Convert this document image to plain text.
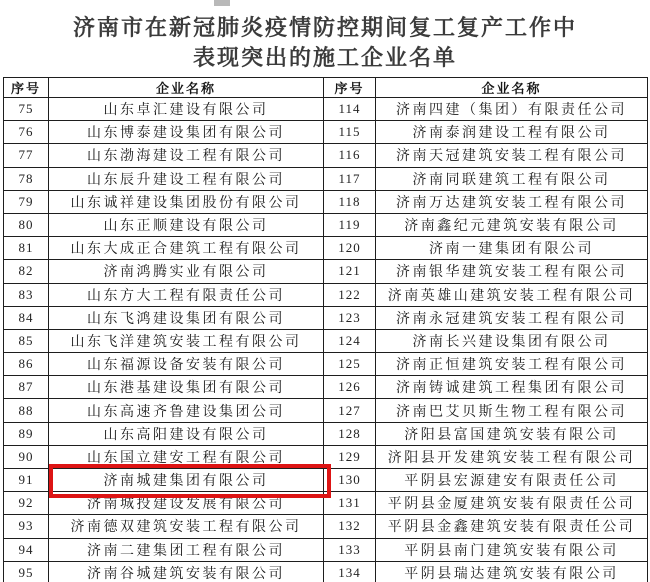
济南市在新冠肺炎疫情防控期间复工复产工作中
表现突出的施工企业名单
序号	企业名称	序号	企业名称
75	山东卓汇建设有限公司	114	济南四建（集团）有限责任公司
76	山东博泰建设集团有限公司	115	济南泰润建设工程有限公司
77	山东渤海建设工程有限公司	116	济南天冠建筑安装工程有限公司
78	山东辰升建设工程有限公司	117	济南同联建筑工程有限公司
79	山东诚祥建设集团股份有限公司	118	济南万达建筑安装工程有限公司
80	山东正顺建设有限公司	119	济南鑫纪元建筑安装有限公司
81	山东大成正合建筑工程有限公司	120	济南一建集团有限公司
82	济南鸿腾实业有限公司	121	济南银华建筑安装工程有限公司
83	山东方大工程有限责任公司	122	济南英雄山建筑安装工程有限公司
84	山东飞鸿建设集团有限公司	123	济南永冠建筑安装工程有限公司
85	山东飞洋建筑安装工程有限公司	124	济南长兴建设集团有限公司
86	山东福源设备安装有限公司	125	济南正恒建筑安装工程有限公司
87	山东港基建设集团有限公司	126	济南铸诚建筑工程集团有限公司
88	山东高速齐鲁建设集团公司	127	济南巴艾贝斯生物工程有限公司
89	山东高阳建设有限公司	128	济阳县富国建筑安装有限公司
90	山东国立建安工程有限公司	129	济阳县开发建筑安装工程有限公司
91	济南城建集团有限公司	130	平阴县宏源建安有限责任公司
92	济南城投建设发展有限公司	131	平阴县金厦建筑安装有限责任公司
93	济南德双建筑安装工程有限公司	132	平阴县金鑫建筑安装有限责任公司
94	济南二建集团工程有限公司	133	平阴县南门建筑安装有限公司
95	济南谷城建筑安装有限公司	134	平阴县瑞达建筑安装有限公司
